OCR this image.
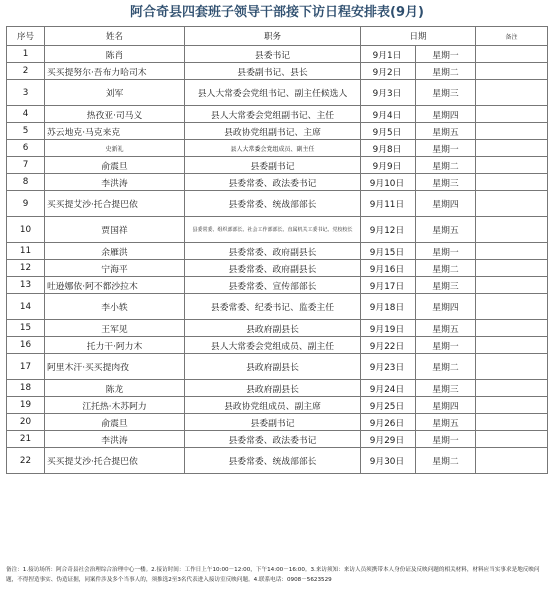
阿合奇县四套班子领导干部接下访日程安排表(9月)
序号	姓名	职务	日期		备注
1	陈肖	县委书记	9月1日	星期一	
2	买买提努尔·吾布力哈司木	县委副书记、县长	9月2日	星期二	
3	刘军	县人大常委会党组书记、副主任候选人	9月3日	星期三	
4	热孜亚·司马义	县人大常委会党组副书记、主任	9月4日	星期四	
5	苏云地克·马克来克	县政协党组副书记、主席	9月5日	星期五	
6	史新礼	县人大常委会党组成员、副主任	9月8日	星期一	
7	俞震旦	县委副书记	9月9日	星期二	
8	李洪涛	县委常委、政法委书记	9月10日	星期三	
9	买买提艾沙·托合提巴依	县委常委、统战部部长	9月11日	星期四	
10	贾国祥	县委常委、组织部部长、社会工作部部长、直属机关工委书记、党校校长	9月12日	星期五	
11	余雁洪	县委常委、政府副县长	9月15日	星期一	
12	宁海平	县委常委、政府副县长	9月16日	星期二	
13	吐逊娜依·阿不都沙拉木	县委常委、宣传部部长	9月17日	星期三	
14	李小轶	县委常委、纪委书记、监委主任	9月18日	星期四	
15	王军见	县政府副县长	9月19日	星期五	
16	托力干·阿力木	县人大常委会党组成员、副主任	9月22日	星期一	
17	阿里木汗·买买提肉孜	县政府副县长	9月23日	星期二	
18	陈龙	县政府副县长	9月24日	星期三	
19	江托热·木苏阿力	县政协党组成员、副主席	9月25日	星期四	
20	俞震旦	县委副书记	9月26日	星期五	
21	李洪涛	县委常委、政法委书记	9月29日	星期一	
22	买买提艾沙·托合提巴依	县委常委、统战部部长	9月30日	星期二	
备注：1.接访场所：阿合奇县社会治理综合治理中心一楼。2.接访时间：工作日上午10:00－12:00，下午14:00－16:00。3.来访须知：来访人员须携带本人身份证及反映问题的相关材料，材料应当实事求是地反映问题，不得捏造事实、伪造证据，同案件涉及多个当事人的，须推选2至3名代表进入接访室反映问题。4.联系电话：0908－5623529
